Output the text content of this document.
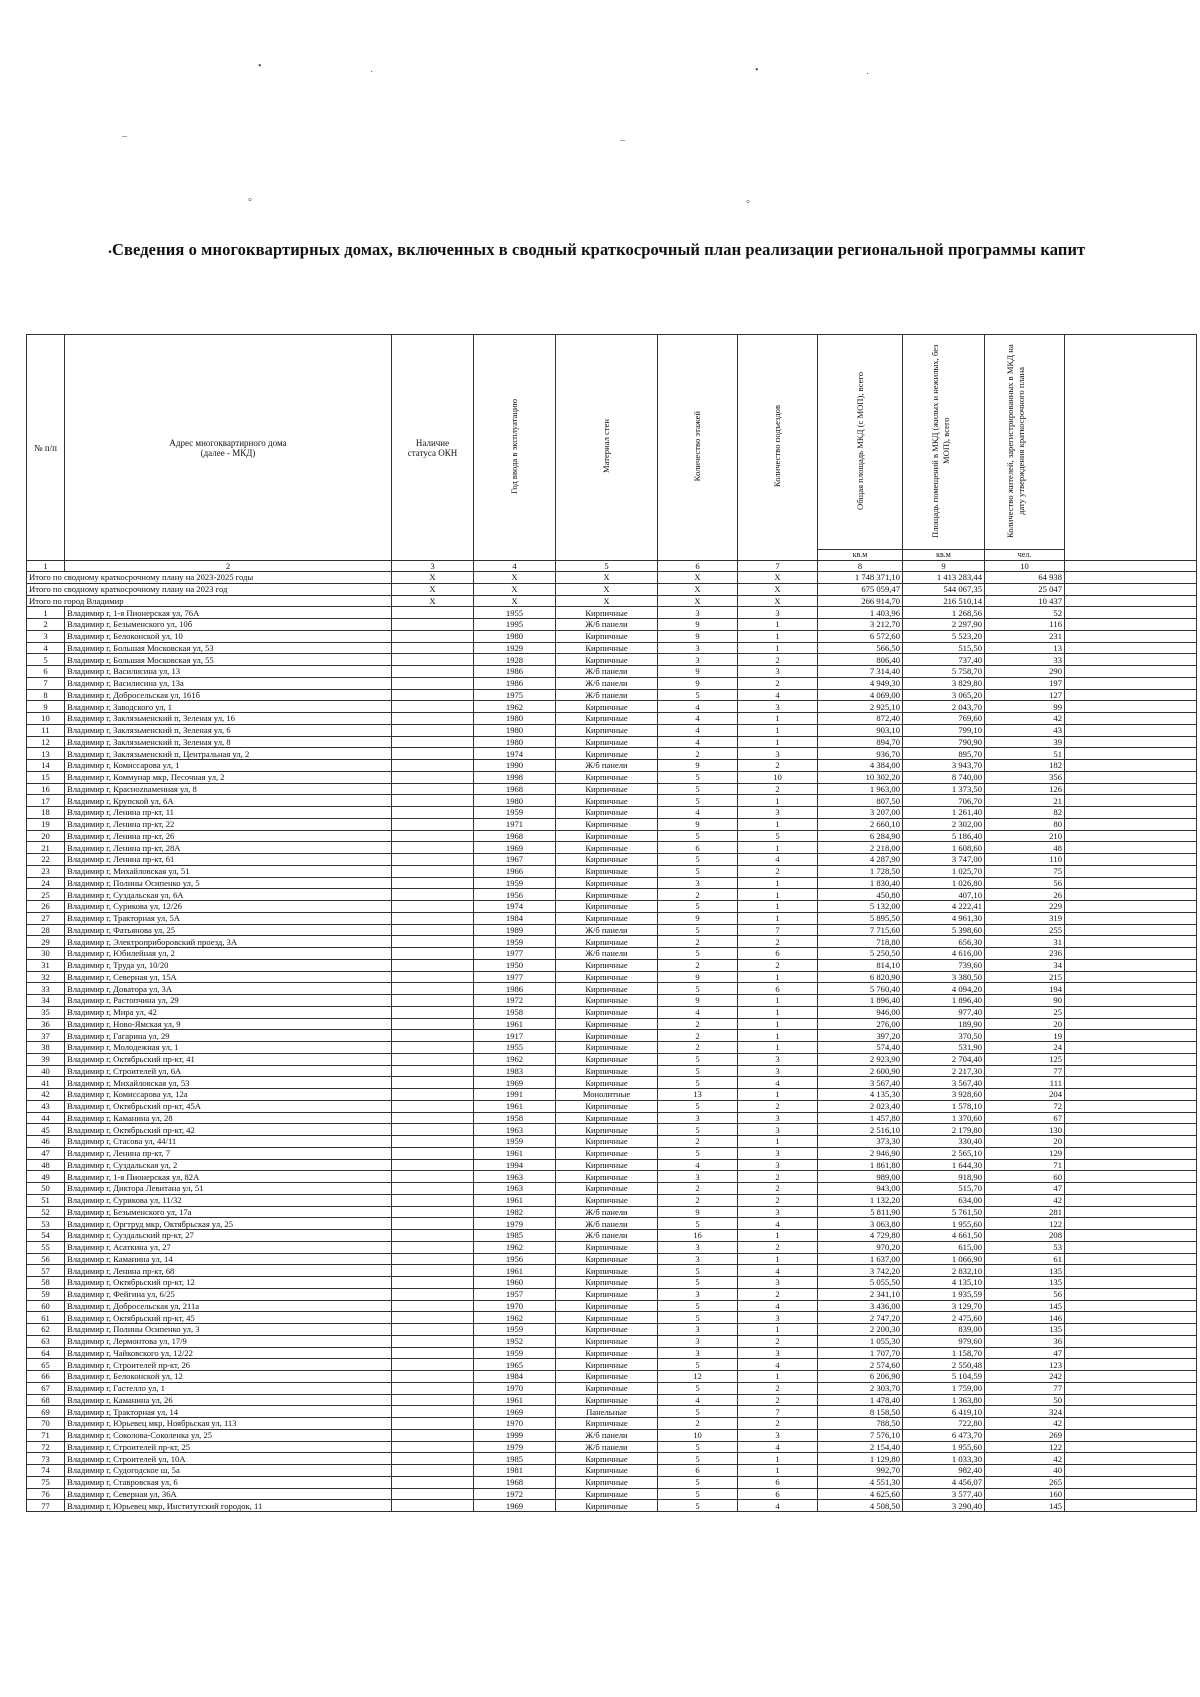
•
·	•	·
–	–
°	°
. Сведения о многоквартирных домах, включенных в сводный краткосрочный план реализации региональной программы капит
№ п/п	Адрес многоквартирного дома (далее - МКД)	Наличие статуса ОКН	Год ввода в эксплуатацию	Материал стен	Количество этажей	Количество подъездов	Общая площадь МКД (с МОП), всего	Площадь помещений в МКД (жилых и нежилых, без МОП), всего	Количество жителей, зарегистрированных в МКД на дату утверждения краткосрочного плана	
							кв.м	кв.м	чел.	
1	2	3	4	5	6	7	8	9	10	
Итого по сводному краткосрочному плану на 2023-2025 годы		Х	Х	Х	Х	Х	1 748 371,10	1 413 283,44	64 938	
Итого по сводному краткосрочному плану на 2023 год		Х	Х	Х	Х	Х	675 059,47	544 067,35	25 047	
Итого по город Владимир		Х	Х	Х	Х	Х	266 914,70	216 510,14	10 437	
1	Владимир г, 1-я Пионерская ул, 76А		1955	Кирпичные	3	3	1 403,96	1 268,56	52	
2	Владимир г, Безыменского ул, 10б		1995	Ж/б панели	9	1	3 212,70	2 297,90	116	
3	Владимир г, Белоконской ул, 10		1980	Кирпичные	9	1	6 572,60	5 523,20	231	
4	Владимир г, Большая Московская ул, 53		1929	Кирпичные	3	1	566,50	515,50	13	
5	Владимир г, Большая Московская ул, 55		1928	Кирпичные	3	2	806,40	737,40	33	
6	Владимир г, Василисина ул, 13		1986	Ж/б панели	9	3	7 314,40	5 758,70	290	
7	Владимир г, Василисина ул, 13а		1986	Ж/б панели	9	2	4 949,30	3 829,80	197	
8	Владимир г, Добросельская ул, 161б		1975	Ж/б панели	5	4	4 069,00	3 065,20	127	
9	Владимир г, Заводского ул, 1		1962	Кирпичные	4	3	2 925,10	2 043,70	99	
10	Владимир г, Заклязьменский п, Зеленая ул, 16		1980	Кирпичные	4	1	872,40	769,60	42	
11	Владимир г, Заклязьменский п, Зеленая ул, 6		1980	Кирпичные	4	1	903,10	799,10	43	
12	Владимир г, Заклязьменский п, Зеленая ул, 8		1980	Кирпичные	4	1	894,70	790,90	39	
13	Владимир г, Заклязьменский п, Центральная ул, 2		1974	Кирпичные	2	3	936,70	895,70	51	
14	Владимир г, Комиссарова ул, 1		1990	Ж/б панели	9	2	4 384,00	3 943,70	182	
15	Владимир г, Коммунар мкр, Песочная ул, 2		1998	Кирпичные	5	10	10 302,20	8 740,00	356	
16	Владимир г, Красноznаменная ул, 8		1968	Кирпичные	5	2	1 963,00	1 373,50	126	
17	Владимир г, Крупской ул, 6А		1980	Кирпичные	5	1	807,50	706,70	21	
18	Владимир г, Ленина пр-кт, 11		1959	Кирпичные	4	3	3 207,00	1 261,40	82	
19	Владимир г, Ленина пр-кт, 22		1971	Кирпичные	9	1	2 660,10	2 302,00	80	
20	Владимир г, Ленина пр-кт, 26		1968	Кирпичные	5	5	6 284,90	5 186,40	210	
21	Владимир г, Ленина пр-кт, 28А		1969	Кирпичные	6	1	2 218,00	1 608,60	48	
22	Владимир г, Ленина пр-кт, 61		1967	Кирпичные	5	4	4 287,90	3 747,00	110	
23	Владимир г, Михайловская ул, 51		1966	Кирпичные	5	2	1 728,50	1 025,70	75	
24	Владимир г, Полины Осипенко ул, 5		1959	Кирпичные	3	1	1 830,40	1 026,80	56	
25	Владимир г, Суздальская ул, 6А		1956	Кирпичные	2	1	450,80	407,10	26	
26	Владимир г, Сурикова ул, 12/26		1974	Кирпичные	5	1	5 132,00	4 222,41	229	
27	Владимир г, Тракторная ул, 5А		1984	Кирпичные	9	1	5 895,50	4 961,30	319	
28	Владимир г, Фатьянова ул, 25		1989	Ж/б панели	5	7	7 715,60	5 398,60	255	
29	Владимир г, Электроприборовский проезд, 3А		1959	Кирпичные	2	2	718,80	656,30	31	
30	Владимир г, Юбилейная ул, 2		1977	Ж/б панели	5	6	5 250,50	4 616,00	236	
31	Владимир г, Труда ул, 10/20		1950	Кирпичные	2	2	814,10	739,60	34	
32	Владимир г, Северная ул, 15А		1977	Кирпичные	9	1	6 820,90	3 380,50	215	
33	Владимир г, Доватора ул, 3А		1986	Кирпичные	5	6	5 760,40	4 094,20	194	
34	Владимир г, Растопчина ул, 29		1972	Кирпичные	9	1	1 896,40	1 896,40	90	
35	Владимир г, Мира ул, 42		1958	Кирпичные	4	1	946,00	977,40	25	
36	Владимир г, Ново-Ямская ул, 9		1961	Кирпичные	2	1	276,00	189,90	20	
37	Владимир г, Гагарина ул, 29		1917	Кирпичные	2	1	397,20	370,50	19	
38	Владимир г, Молодежная ул, 1		1955	Кирпичные	2	1	574,40	531,90	24	
39	Владимир г, Октябрьский пр-кт, 41		1962	Кирпичные	5	3	2 923,90	2 704,40	125	
40	Владимир г, Строителей ул, 6А		1983	Кирпичные	5	3	2 600,90	2 217,30	77	
41	Владимир г, Михайловская ул, 53		1969	Кирпичные	5	4	3 567,40	3 567,40	111	
42	Владимир г, Комиссарова ул, 12а		1991	Монолитные	13	1	4 135,30	3 928,60	204	
43	Владимир г, Октябрьский пр-кт, 45А		1961	Кирпичные	5	2	2 023,40	1 578,10	72	
44	Владимир г, Каманина ул, 28		1958	Кирпичные	3	3	1 457,80	1 370,60	67	
45	Владимир г, Октябрьский пр-кт, 42		1963	Кирпичные	5	3	2 516,10	2 179,80	130	
46	Владимир г, Стасова ул, 44/11		1959	Кирпичные	2	1	373,30	330,40	20	
47	Владимир г, Ленина пр-кт, 7		1961	Кирпичные	5	3	2 946,90	2 565,10	129	
48	Владимир г, Суздальская ул, 2		1994	Кирпичные	4	3	1 861,80	1 644,30	71	
49	Владимир г, 1-я Пионерская ул, 82А		1963	Кирпичные	3	2	989,00	918,90	60	
50	Владимир г, Диктора Левитана ул, 51		1963	Кирпичные	2	2	943,00	515,70	47	
51	Владимир г, Сурикова ул, 11/32		1961	Кирпичные	2	2	1 132,20	634,00	42	
52	Владимир г, Безыменского ул, 17а		1982	Ж/б панели	9	3	5 811,90	5 761,50	281	
53	Владимир г, Оргтруд мкр, Октябрьская ул, 25		1979	Ж/б панели	5	4	3 063,80	1 955,60	122	
54	Владимир г, Суздальский пр-кт, 27		1985	Ж/б панели	16	1	4 729,80	4 661,50	208	
55	Владимир г, Асаткина ул, 27		1962	Кирпичные	3	2	970,20	615,00	53	
56	Владимир г, Каманина ул, 14		1956	Кирпичные	3	1	1 637,00	1 066,90	61	
57	Владимир г, Ленина пр-кт, 68		1961	Кирпичные	5	4	3 742,20	2 832,10	135	
58	Владимир г, Октябрьский пр-кт, 12		1960	Кирпичные	5	3	5 055,50	4 135,10	135	
59	Владимир г, Фейгина ул, 6/25		1957	Кирпичные	3	2	2 341,10	1 935,59	56	
60	Владимир г, Добросельская ул, 211а		1970	Кирпичные	5	4	3 436,00	3 129,70	145	
61	Владимир г, Октябрьский пр-кт, 45		1962	Кирпичные	5	3	2 747,20	2 475,60	146	
62	Владимир г, Полины Осипенко ул, 3		1959	Кирпичные	3	1	2 200,30	839,00	135	
63	Владимир г, Лермонтова ул, 17/9		1952	Кирпичные	3	2	1 055,30	979,60	36	
64	Владимир г, Чайковского ул, 12/22		1959	Кирпичные	3	3	1 707,70	1 158,70	47	
65	Владимир г, Строителей пр-кт, 26		1965	Кирпичные	5	4	2 574,60	2 550,48	123	
66	Владимир г, Белоконской ул, 12		1984	Кирпичные	12	1	6 206,90	5 104,59	242	
67	Владимир г, Гастелло ул, 1		1970	Кирпичные	5	2	2 303,70	1 759,00	77	
68	Владимир г, Каманина ул, 26		1961	Кирпичные	4	2	1 478,40	1 363,80	50	
69	Владимир г, Тракторная ул, 14		1969	Панельные	5	7	8 158,50	6 419,10	324	
70	Владимир г, Юрьевец мкр, Ноябрьская ул, 113		1970	Кирпичные	2	2	788,50	722,80	42	
71	Владимир г, Соколова-Соколенка ул, 25		1999	Ж/б панели	10	3	7 576,10	6 473,70	269	
72	Владимир г, Строителей пр-кт, 25		1979	Ж/б панели	5	4	2 154,40	1 955,60	122	
73	Владимир г, Строителей ул, 10А		1985	Кирпичные	5	1	1 129,80	1 033,30	42	
74	Владимир г, Судогодское ш, 5а		1981	Кирпичные	6	1	992,70	982,40	40	
75	Владимир г, Ставровская ул, 6		1968	Кирпичные	5	6	4 551,30	4 456,07	265	
76	Владимир г, Северная ул, 36А		1972	Кирпичные	5	6	4 625,60	3 577,40	160	
77	Владимир г, Юрьевец мкр, Институтский городок, 11		1969	Кирпичные	5	4	4 508,50	3 290,40	145	
